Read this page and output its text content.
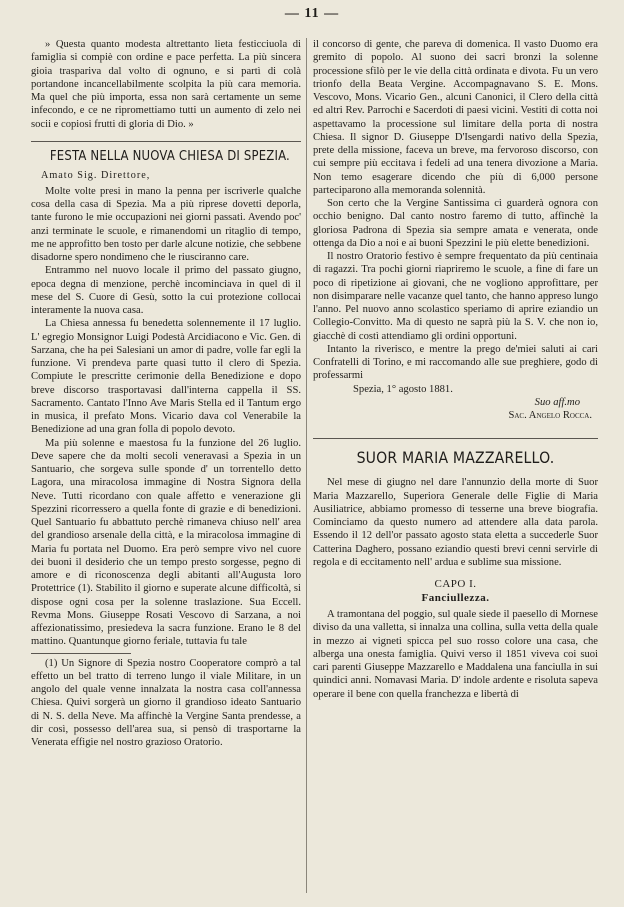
— 11 —

» Questa quanto modesta altrettanto lieta festicciuola di famiglia si compiè con ordine e pace perfetta. La più sincera gioia traspariva dal volto di ognuno, e si partì di colà portandone incancellabilmente scolpita la più cara memoria. Ma quel che più importa, essa non sarà certamente un seme infecondo, e ce ne ripromettiamo tutti un aumento di zelo nei socii e copiosi frutti di gloria di Dio. »

FESTA NELLA NUOVA CHIESA DI SPEZIA.
Amato Sig. Direttore,

Molte volte presi in mano la penna per iscriverle qualche cosa della casa di Spezia. Ma a più riprese dovetti deporla, tante furono le mie occupazioni nei giorni passati. Avendo poc' anzi terminate le scuole, e rimanendomi un ritaglio di tempo, me ne approfitto ben tosto per darle alcune notizie, che sebbene disadorne spero nondimeno che le riusciranno care.

Entrammo nel nuovo locale il primo del passato giugno, epoca degna di menzione, perchè incominciava in quel dì il mese del S. Cuore di Gesù, sotto la cui protezione collocai interamente la nuova casa.

La Chiesa annessa fu benedetta solennemente il 17 luglio. L' egregio Monsignor Luigi Podestà Arcidiacono e Vic. Gen. di Sarzana, che ha pei Salesiani un amor di padre, volle far egli la funzione. Vi prendeva parte quasi tutto il clero di Spezia. Compiute le prescritte cerimonie della Benedizione e dopo breve discorso trasportavasi dall'interna cappella il SS. Sacramento. Cantato l'Inno Ave Maris Stella ed il Tantum ergo in musica, il prefato Mons. Vicario dava col Venerabile la Benedizione ad una gran folla di popolo devoto.

Ma più solenne e maestosa fu la funzione del 26 luglio. Deve sapere che da molti secoli veneravasi a Spezia in un Santuario, che sorgeva sulle sponde d' un torrentello detto Lagora, una miracolosa immagine di Nostra Signora della Neve. Tutti ricordano con quale affetto e venerazione gli Spezzini ricorressero a quella fonte di grazie e di benedizioni. Quel Santuario fu abbattuto perchè rimaneva chiuso nell' area del grandioso arsenale della città, e la miracolosa immagine di Maria fu portata nel Duomo. Era però sempre vivo nel cuore dei buoni il desiderio che un tempo presto sorgesse, pegno di amore e di riconoscenza degli abitanti all'Augusta loro Protettrice (1). Stabilito il giorno e superate alcune difficoltà, si dispose ogni cosa per la solenne traslazione. Sua Eccell. Revma Mons. Giuseppe Rosati Vescovo di Sarzana, a noi affezionatissimo, presiedeva la sacra funzione. Erano le 8 del mattino. Quantunque giorno feriale, tuttavia fu tale

(1) Un Signore di Spezia nostro Cooperatore comprò a tal effetto un bel tratto di terreno lungo il viale Militare, in un angolo del quale venne innalzata la nostra casa coll'annessa Chiesa. Quivi sorgerà un giorno il grandioso ideato Santuario di N. S. della Neve. Ma affinchè la Vergine Santa prendesse, a dir così, possesso dell'area sua, si pensò di trasportarne la Venerata effigie nel nostro grazioso Oratorio.

il concorso di gente, che pareva di domenica. Il vasto Duomo era gremito di popolo. Al suono dei sacri bronzi la solenne processione sfilò per le vie della città ordinata e divota. Fu un vero trionfo della Beata Vergine. Accompagnavano S. E. Mons. Vescovo, Mons. Vicario Gen., alcuni Canonici, il Clero della città ed altri Rev. Parrochi e Sacerdoti di paesi vicini. Vestiti di cotta noi aspettavamo la processione sul limitare della porta di nostra Chiesa. Il signor D. Giuseppe D'Isengardi nativo della Spezia, prete della missione, faceva un breve, ma fervoroso discorso, con cui sempre più eccitava i fedeli ad una tenera divozione a Maria. Non temo esagerare dicendo che più di 6,000 persone parteciparono alla memoranda solennità.

Son certo che la Vergine Santissima ci guarderà ognora con occhio benigno. Dal canto nostro faremo di tutto, affinchè la gloriosa Padrona di Spezia sia sempre amata e venerata, onde ottenga da Dio a noi e ai buoni Spezzini le più elette benedizioni.

Il nostro Oratorio festivo è sempre frequentato da più centinaia di ragazzi. Tra pochi giorni riapriremo le scuole, a fine di fare un poco di ripetizione ai giovani, che ne vogliono approfittare, per non disimparare nelle vacanze quel tanto, che hanno appreso lungo l'anno. Pel nuovo anno scolastico speriamo di aprire eziandio un Collegio-Convitto. Ma di questo ne saprà più la S. V. che non io, giacchè di costì attendiamo gli ordini opportuni.

Intanto la riverisco, e mentre la prego de'miei saluti ai cari Confratelli di Torino, e mi raccomando alle sue preghiere, godo di professarmi

Spezia, 1° agosto 1881.
Suo aff.mo
Sac. Angelo Rocca.
SUOR MARIA MAZZARELLO.

Nel mese di giugno nel dare l'annunzio della morte di Suor Maria Mazzarello, Superiora Generale delle Figlie di Maria Ausiliatrice, abbiamo promesso di tesserne una breve biografia. Cominciamo da questo numero ad attendere alla data parola. Essendo il 12 dell'or passato agosto stata eletta a succederle Suor Catterina Daghero, possano eziandio questi brevi cenni servirle di regola e di eccitamento nell' ardua e sublime sua missione.

CAPO I.
Fanciullezza.

A tramontana del poggio, sul quale siede il paesello di Mornese diviso da una valletta, si innalza una collina, sulla vetta della quale in mezzo ai vigneti spicca pel suo rosso colore una casa, che alberga una onesta famiglia. Quivi verso il 1851 viveva coi suoi cari parenti Giuseppe Mazzarello e Maddalena una fanciulla in sui quindici anni. Nomavasi Maria. D' indole ardente e risoluta sapeva operare il bene con quella franchezza e libertà di
